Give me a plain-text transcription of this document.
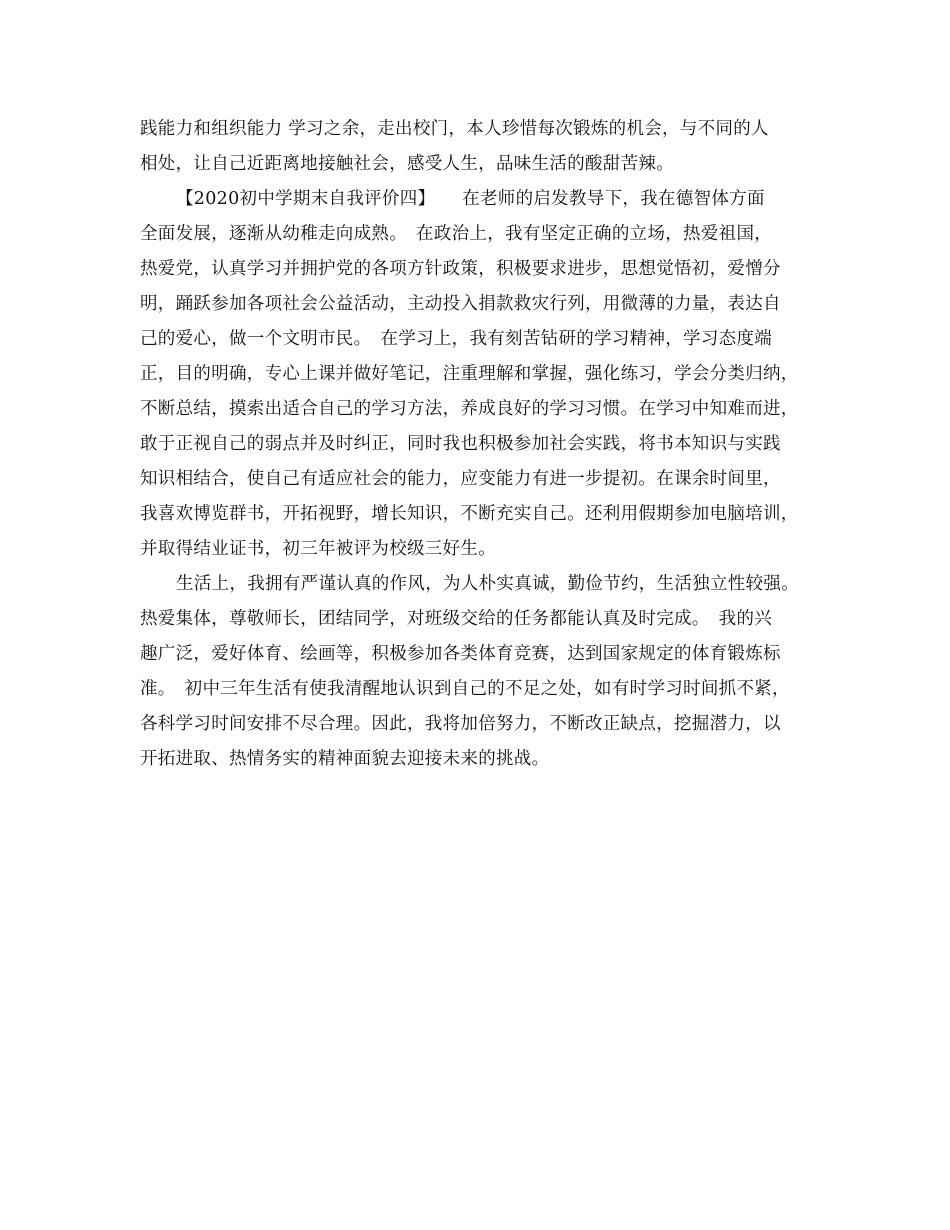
践能力和组织能力 学习之余，走出校门，本人珍惜每次锻炼的机会，与不同的人
相处，让自己近距离地接触社会，感受人生，品味生活的酸甜苦辣。
【2020初中学期末自我评价四】　　在老师的启发教导下，我在德智体方面
全面发展，逐渐从幼稚走向成熟。　在政治上，我有坚定正确的立场，热爱祖国，
热爱党，认真学习并拥护党的各项方针政策，积极要求进步，思想觉悟初，爱憎分
明，踊跃参加各项社会公益活动，主动投入捐款救灾行列，用微薄的力量，表达自
己的爱心，做一个文明市民。　在学习上，我有刻苦钻研的学习精神，学习态度端
正，目的明确，专心上课并做好笔记，注重理解和掌握，强化练习，学会分类归纳，
不断总结，摸索出适合自己的学习方法，养成良好的学习习惯。在学习中知难而进，
敢于正视自己的弱点并及时纠正，同时我也积极参加社会实践，将书本知识与实践
知识相结合，使自己有适应社会的能力，应变能力有进一步提初。在课余时间里，
我喜欢博览群书，开拓视野，增长知识，不断充实自己。还利用假期参加电脑培训，
并取得结业证书，初三年被评为校级三好生。
生活上，我拥有严谨认真的作风，为人朴实真诚，勤俭节约，生活独立性较强。
热爱集体，尊敬师长，团结同学，对班级交给的任务都能认真及时完成。　我的兴
趣广泛，爱好体育、绘画等，积极参加各类体育竞赛，达到国家规定的体育锻炼标
准。　初中三年生活有使我清醒地认识到自己的不足之处，如有时学习时间抓不紧，
各科学习时间安排不尽合理。因此，我将加倍努力，不断改正缺点，挖掘潜力，以
开拓进取、热情务实的精神面貌去迎接未来的挑战。
